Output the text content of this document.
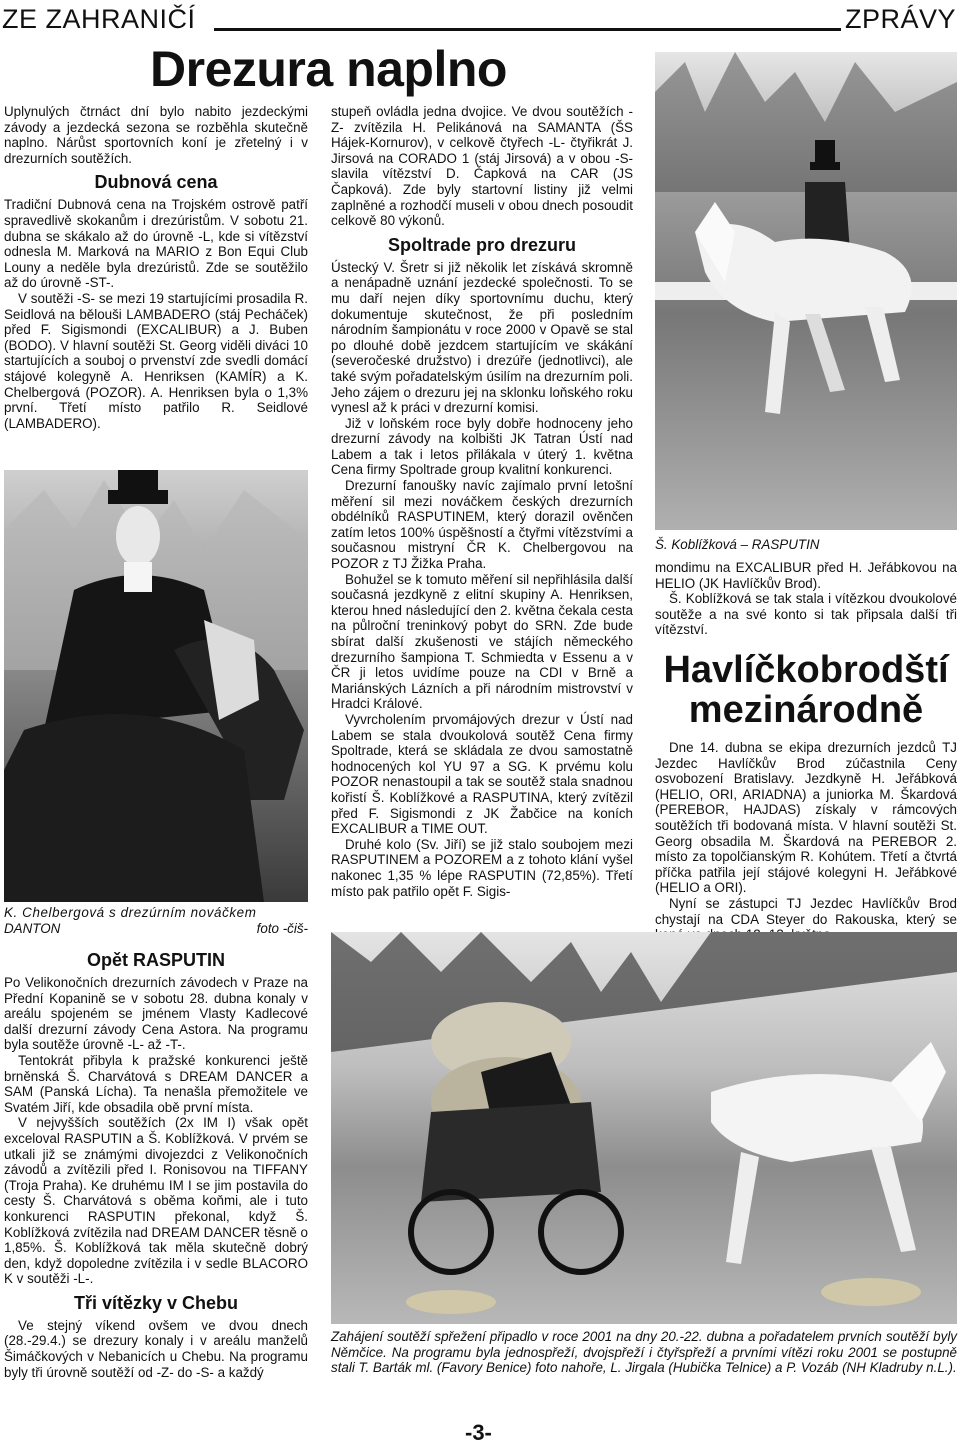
ZE ZAHRANIČÍ	ZPRÁVY
Drezura naplno

Uplynulých čtrnáct dní bylo nabito jezdeckými závody a jezdecká sezona se rozběhla skutečně naplno. Nárůst sportovních koní je zřetelný i v drezurních soutěžích.

Dubnová cena

Tradiční Dubnová cena na Trojském ostrově patří spravedlivě skokanům i drezúristům. V sobotu 21. dubna se skákalo až do úrovně -L, kde si vítězství odnesla M. Marková na MARIO z Bon Equi Club Louny a neděle byla drezúristů. Zde se soutěžilo až do úrovně -ST-.

V soutěži -S- se mezi 19 startujícími prosadila R. Seidlová na bělouši LAMBADERO (stáj Pecháček) před F. Sigismondi (EXCALIBUR) a J. Buben (BODO). V hlavní soutěži St. Georg viděli diváci 10 startujících a souboj o prvenství zde svedli domácí stájové kolegyně A. Henriksen (KAMÍR) a K. Chelbergová (POZOR). A. Henriksen byla o 1,3% první. Třetí místo patřilo R. Seidlové (LAMBADERO).

K. Chelbergová s drezúrním nováčkem
DANTON	foto -čiš-
Opět RASPUTIN

Po Velikonočních drezurních závodech v Praze na Přední Kopanině se v sobotu 28. dubna konaly v areálu spojeném se jménem Vlasty Kadlecové další drezurní závody Cena Astora. Na programu byla soutěže úrovně -L- až -T-.

Tentokrát přibyla k pražské konkurenci ještě brněnská Š. Charvátová s DREAM DANCER a SAM (Panská Lícha). Ta nenašla přemožitele ve Svatém Jiří, kde obsadila obě první místa.

V nejvyšších soutěžích (2x IM I) však opět exceloval RASPUTIN a Š. Koblížková. V prvém se utkali již se známými divojezdci z Velikonočních závodů a zvítězili před I. Ronisovou na TIFFANY (Troja Praha). Ke druhému IM I se jim postavila do cesty Š. Charvátová s oběma koňmi, ale i tuto konkurenci RASPUTIN překonal, když Š. Koblížková zvítězila nad DREAM DANCER těsně o 1,85%. Š. Koblížková tak měla skutečně dobrý den, když dopoledne zvítězila i v sedle BLACORO K v soutěži -L-.

Tři vítězky v Chebu

Ve stejný víkend ovšem ve dvou dnech (28.-29.4.) se drezury konaly i v areálu manželů Šimáčkových v Nebanicích u Chebu. Na programu byly tři úrovně soutěží od -Z- do -S- a každý

stupeň ovládla jedna dvojice. Ve dvou soutěžích -Z- zvítězila H. Pelikánová na SAMANTA (ŠS Hájek-Kornurov), v celkově čtyřech -L- čtyřikrát J. Jirsová na CORADO 1 (stáj Jirsová) a v obou -S- slavila vítězství D. Čapková na CAR (JS Čapková). Zde byly startovní listiny již velmi zaplněné a rozhodčí museli v obou dnech posoudit celkově 80 výkonů.

Spoltrade pro drezuru

Ústecký V. Šretr si již několik let získává skromně a nenápadně uznání jezdecké společnosti. To se mu daří nejen díky sportovnímu duchu, který dokumentuje skutečnost, že při posledním národním šampionátu v roce 2000 v Opavě se stal po dlouhé době jezdcem startujícím ve skákání (severočeské družstvo) i drezúře (jednotlivci), ale také svým pořadatelským úsilím na drezurním poli. Jeho zájem o drezuru jej na sklonku loňského roku vynesl až k práci v drezurní komisi.

Již v loňském roce byly dobře hodnoceny jeho drezurní závody na kolbišti JK Tatran Ústí nad Labem a tak i letos přilákala v úterý 1. května Cena firmy Spoltrade group kvalitní konkurenci.

Drezurní fanoušky navíc zajímalo první letošní měření sil mezi nováčkem českých drezurních obdélníků RASPUTINEM, který dorazil ověnčen zatím letos 100% úspěšností a čtyřmi vítězstvími a současnou mistryní ČR K. Chelbergovou na POZOR z TJ Žižka Praha.

Bohužel se k tomuto měření sil nepřihlásila další současná jezdkyně z elitní skupiny A. Henriksen, kterou hned následující den 2. května čekala cesta na půlroční treninkový pobyt do SRN. Zde bude sbírat další zkušenosti ve stájích německého drezurního šampiona T. Schmiedta v Essenu a v ČR ji letos uvidíme pouze na CDI v Brně a Mariánských Lázních a při národním mistrovství v Hradci Králové.

Vyvrcholením prvomájových drezur v Ústí nad Labem se stala dvoukolová soutěž Cena firmy Spoltrade, která se skládala ze dvou samostatně hodnocených kol YU 97 a SG. K prvému kolu POZOR nenastoupil a tak se soutěž stala snadnou kořistí Š. Koblížkové a RASPUTINA, který zvítězil před F. Sigismondi z JK Žabčice na koních EXCALIBUR a TIME OUT.

Druhé kolo (Sv. Jiří) se již stalo soubojem mezi RASPUTINEM a POZOREM a z tohoto klání vyšel nakonec 1,35 % lépe RASPUTIN (72,85%). Třetí místo pak patřilo opět F. Sigis-

Š. Koblížková – RASPUTIN

mondimu na EXCALIBUR před H. Jeřábkovou na HELIO (JK Havlíčkův Brod).

Š. Koblížková se tak stala i vítězkou dvoukolové soutěže a na své konto si tak připsala další tři vítězství.

Havlíčkobrodští
mezinárodně

Dne 14. dubna se ekipa drezurních jezdců TJ Jezdec Havlíčkův Brod zúčastnila Ceny osvobození Bratislavy. Jezdkyně H. Jeřábková (HELIO, ORI, ARIADNA) a juniorka M. Škardová (PEREBOR, HAJDAS) získaly v rámcových soutěžích tři bodovaná místa. V hlavní soutěži St. Georg obsadila M. Škardová na PEREBOR 2. místo za topolčianským R. Kohútem. Třetí a čtvrtá příčka patřila její stájové kolegyni H. Jeřábkové (HELIO a ORI).

Nyní se zástupci TJ Jezdec Havlíčkův Brod chystají na CDA Steyer do Rakouska, který se

Zahájení soutěží spřežení připadlo v roce 2001 na dny 20.-22. dubna a pořadatelem prvních soutěží byly Němčice. Na programu byla jednospřeží, dvojspřeží i čtyřspřeží a prvními vítězi roku 2001 se postupně stali T. Barták ml. (Favory Benice) foto nahoře, L. Jirgala (Hubička Telnice) a P. Vozáb (NH Kladruby n.L.).
-3-
